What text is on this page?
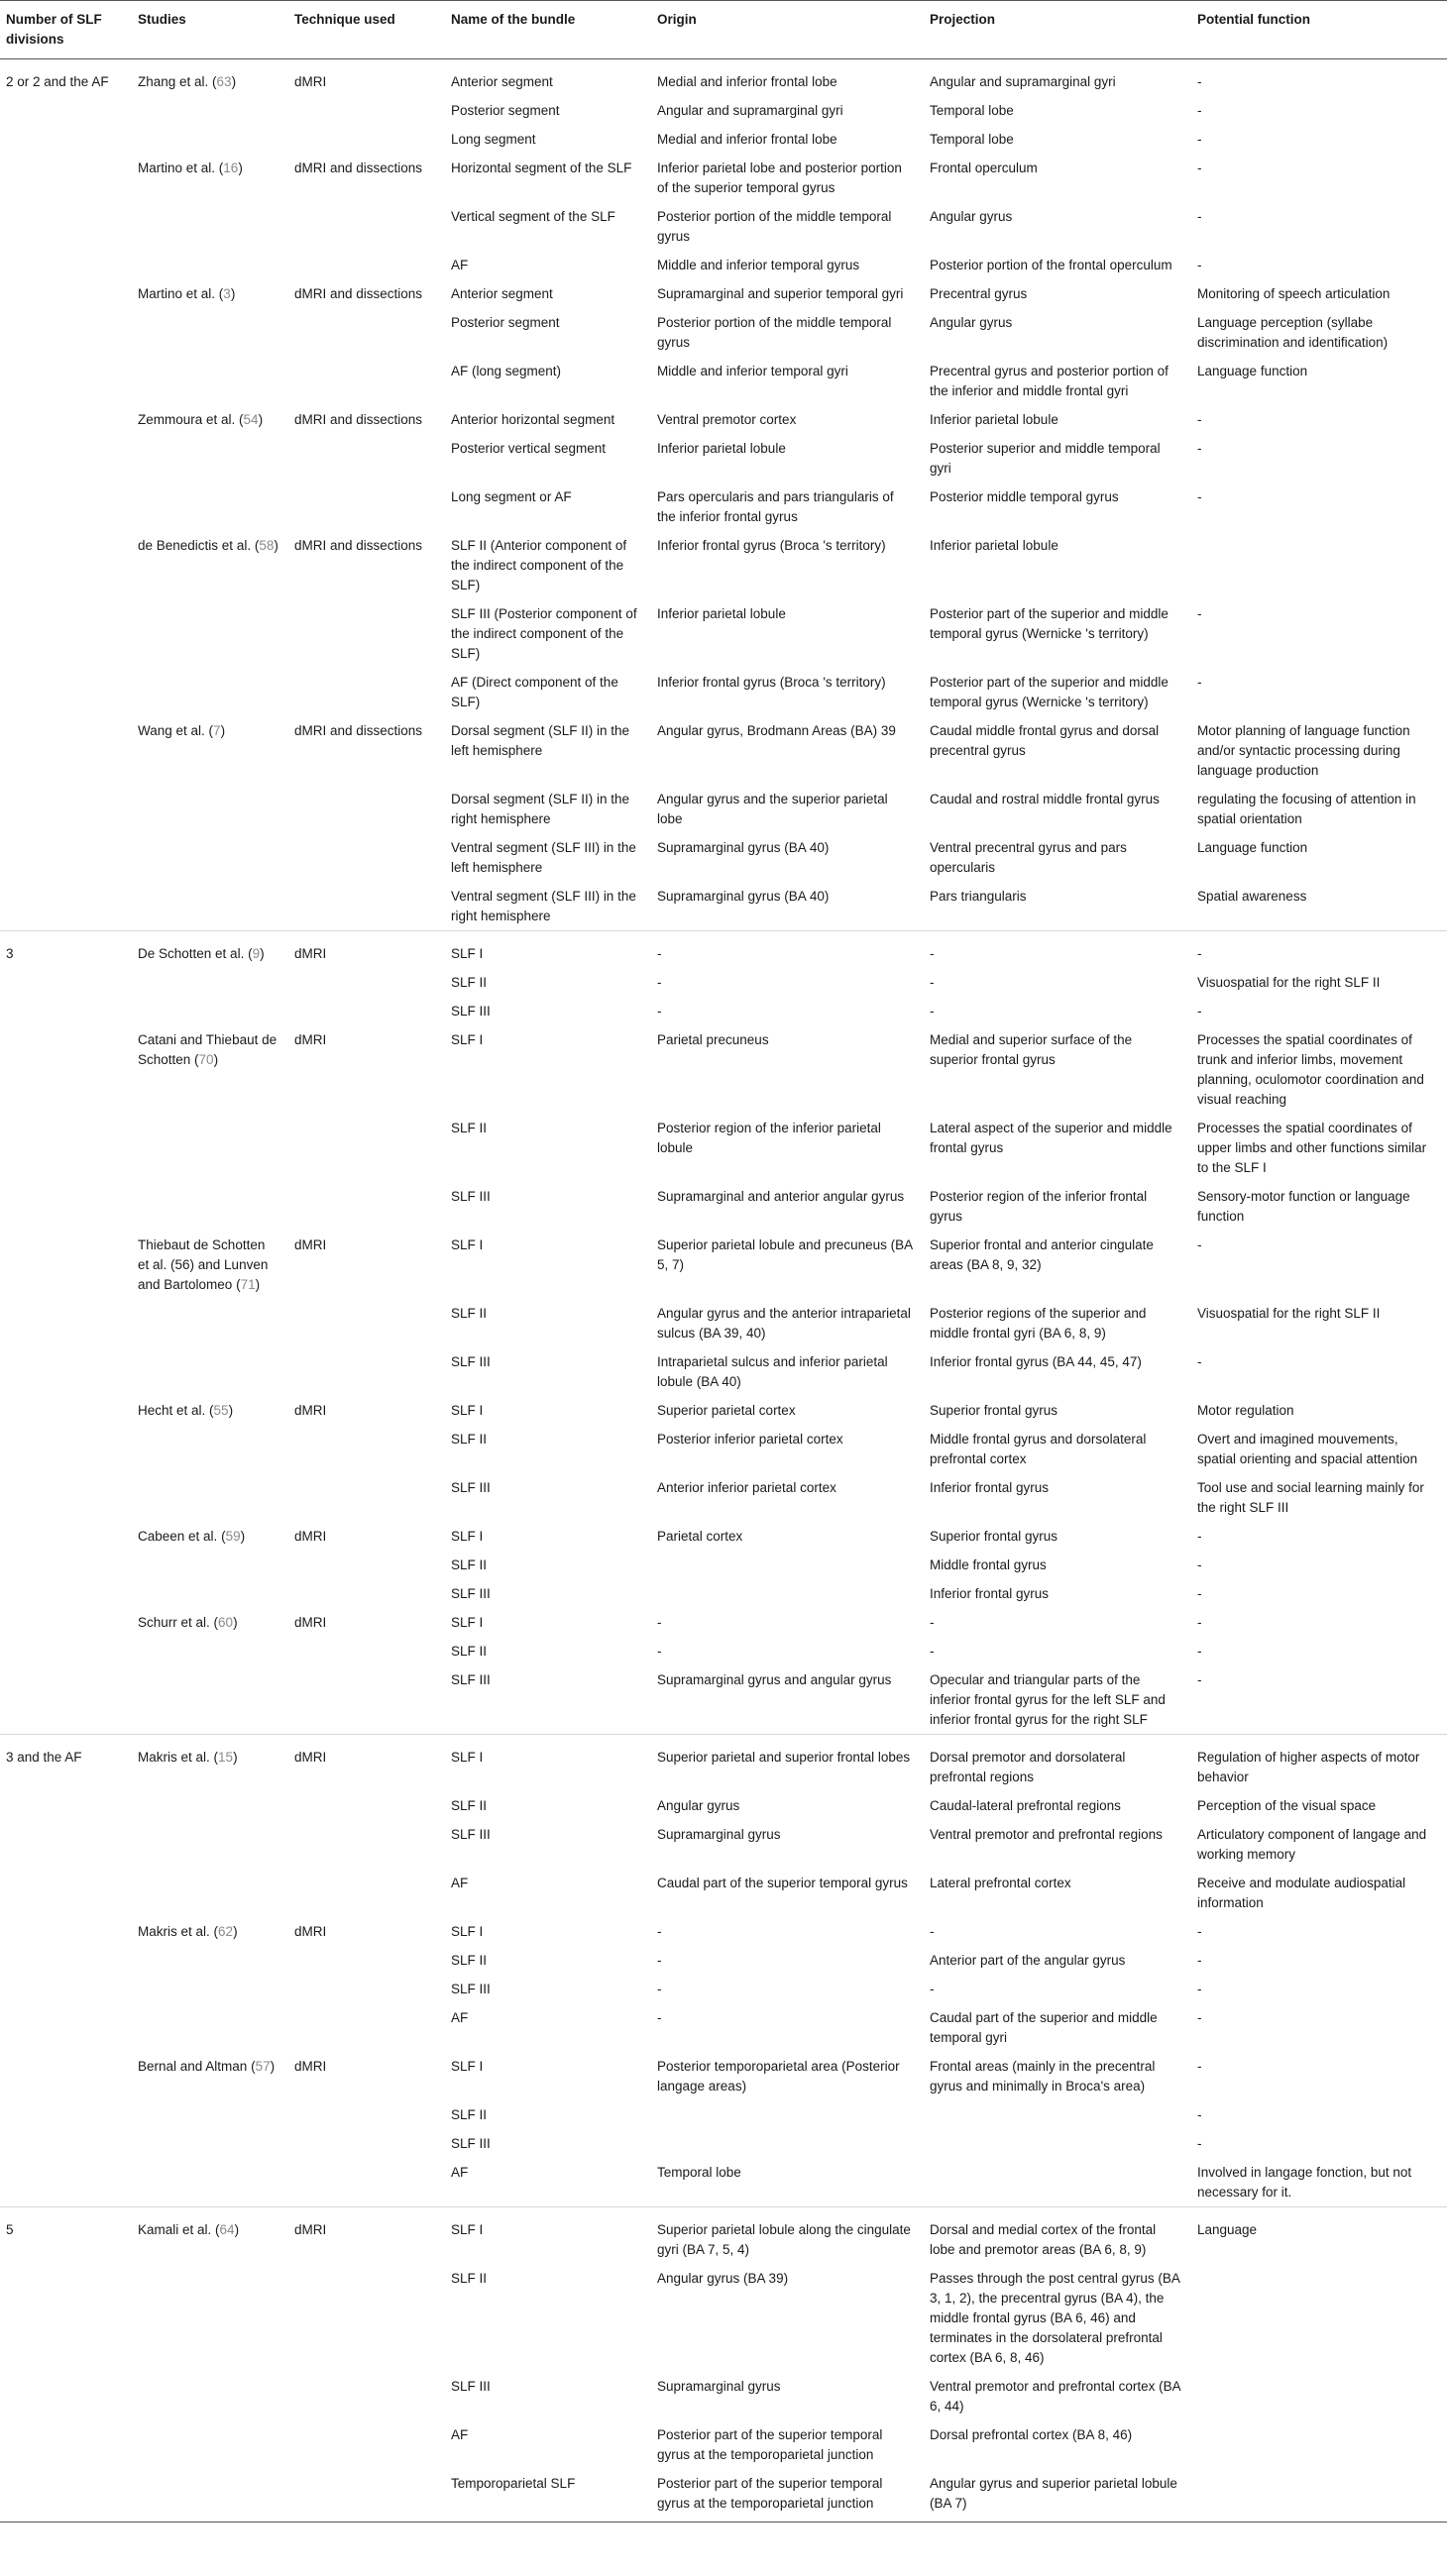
Number of SLF divisions	Studies	Technique used	Name of the bundle	Origin	Projection	Potential function
2 or 2 and the AF	Zhang et al. (63)	dMRI	Anterior segment	Medial and inferior frontal lobe	Angular and supramarginal gyri	-
			Posterior segment	Angular and supramarginal gyri	Temporal lobe	-
			Long segment	Medial and inferior frontal lobe	Temporal lobe	-
	Martino et al. (16)	dMRI and dissections	Horizontal segment of the SLF	Inferior parietal lobe and posterior portion of the superior temporal gyrus	Frontal operculum	-
			Vertical segment of the SLF	Posterior portion of the middle temporal gyrus	Angular gyrus	-
			AF	Middle and inferior temporal gyrus	Posterior portion of the frontal operculum	-
	Martino et al. (3)	dMRI and dissections	Anterior segment	Supramarginal and superior temporal gyri	Precentral gyrus	Monitoring of speech articulation
			Posterior segment	Posterior portion of the middle temporal gyrus	Angular gyrus	Language perception (syllabe discrimination and identification)
			AF (long segment)	Middle and inferior temporal gyri	Precentral gyrus and posterior portion of the inferior and middle frontal gyri	Language function
	Zemmoura et al. (54)	dMRI and dissections	Anterior horizontal segment	Ventral premotor cortex	Inferior parietal lobule	-
			Posterior vertical segment	Inferior parietal lobule	Posterior superior and middle temporal gyri	-
			Long segment or AF	Pars opercularis and pars triangularis of the inferior frontal gyrus	Posterior middle temporal gyrus	-
	de Benedictis et al. (58)	dMRI and dissections	SLF II (Anterior component of the indirect component of the SLF)	Inferior frontal gyrus (Broca 's territory)	Inferior parietal lobule	
			SLF III (Posterior component of the indirect component of the SLF)	Inferior parietal lobule	Posterior part of the superior and middle temporal gyrus (Wernicke 's territory)	-
			AF (Direct component of the SLF)	Inferior frontal gyrus (Broca 's territory)	Posterior part of the superior and middle temporal gyrus (Wernicke 's territory)	-
	Wang et al. (7)	dMRI and dissections	Dorsal segment (SLF II) in the left hemisphere	Angular gyrus, Brodmann Areas (BA) 39	Caudal middle frontal gyrus and dorsal precentral gyrus	Motor planning of language function and/or syntactic processing during language production
			Dorsal segment (SLF II) in the right hemisphere	Angular gyrus and the superior parietal lobe	Caudal and rostral middle frontal gyrus	regulating the focusing of attention in spatial orientation
			Ventral segment (SLF III) in the left hemisphere	Supramarginal gyrus (BA 40)	Ventral precentral gyrus and pars opercularis	Language function
			Ventral segment (SLF III) in the right hemisphere	Supramarginal gyrus (BA 40)	Pars triangularis	Spatial awareness
3	De Schotten et al. (9)	dMRI	SLF I	-	-	-
			SLF II	-	-	Visuospatial for the right SLF II
			SLF III	-	-	-
	Catani and Thiebaut de Schotten (70)	dMRI	SLF I	Parietal precuneus	Medial and superior surface of the superior frontal gyrus	Processes the spatial coordinates of trunk and inferior limbs, movement planning, oculomotor coordination and visual reaching
			SLF II	Posterior region of the inferior parietal lobule	Lateral aspect of the superior and middle frontal gyrus	Processes the spatial coordinates of upper limbs and other functions similar to the SLF I
			SLF III	Supramarginal and anterior angular gyrus	Posterior region of the inferior frontal gyrus	Sensory-motor function or language function
	Thiebaut de Schotten et al. (56) and Lunven and Bartolomeo (71)	dMRI	SLF I	Superior parietal lobule and precuneus (BA 5, 7)	Superior frontal and anterior cingulate areas (BA 8, 9, 32)	-
			SLF II	Angular gyrus and the anterior intraparietal sulcus (BA 39, 40)	Posterior regions of the superior and middle frontal gyri (BA 6, 8, 9)	Visuospatial for the right SLF II
			SLF III	Intraparietal sulcus and inferior parietal lobule (BA 40)	Inferior frontal gyrus (BA 44, 45, 47)	-
	Hecht et al. (55)	dMRI	SLF I	Superior parietal cortex	Superior frontal gyrus	Motor regulation
			SLF II	Posterior inferior parietal cortex	Middle frontal gyrus and dorsolateral prefrontal cortex	Overt and imagined mouvements, spatial orienting and spacial attention
			SLF III	Anterior inferior parietal cortex	Inferior frontal gyrus	Tool use and social learning mainly for the right SLF III
	Cabeen et al. (59)	dMRI	SLF I	Parietal cortex	Superior frontal gyrus	-
			SLF II		Middle frontal gyrus	-
			SLF III		Inferior frontal gyrus	-
	Schurr et al. (60)	dMRI	SLF I	-	-	-
			SLF II	-	-	-
			SLF III	Supramarginal gyrus and angular gyrus	Opecular and triangular parts of the inferior frontal gyrus for the left SLF and inferior frontal gyrus for the right SLF	-
3 and the AF	Makris et al. (15)	dMRI	SLF I	Superior parietal and superior frontal lobes	Dorsal premotor and dorsolateral prefrontal regions	Regulation of higher aspects of motor behavior
			SLF II	Angular gyrus	Caudal-lateral prefrontal regions	Perception of the visual space
			SLF III	Supramarginal gyrus	Ventral premotor and prefrontal regions	Articulatory component of langage and working memory
			AF	Caudal part of the superior temporal gyrus	Lateral prefrontal cortex	Receive and modulate audiospatial information
	Makris et al. (62)	dMRI	SLF I	-	-	-
			SLF II	-	Anterior part of the angular gyrus	-
			SLF III	-	-	-
			AF	-	Caudal part of the superior and middle temporal gyri	-
	Bernal and Altman (57)	dMRI	SLF I	Posterior temporoparietal area (Posterior langage areas)	Frontal areas (mainly in the precentral gyrus and minimally in Broca's area)	-
			SLF II			-
			SLF III			-
			AF	Temporal lobe		Involved in langage fonction, but not necessary for it.
5	Kamali et al. (64)	dMRI	SLF I	Superior parietal lobule along the cingulate gyri (BA 7, 5, 4)	Dorsal and medial cortex of the frontal lobe and premotor areas (BA 6, 8, 9)	Language
			SLF II	Angular gyrus (BA 39)	Passes through the post central gyrus (BA 3, 1, 2), the precentral gyrus (BA 4), the middle frontal gyrus (BA 6, 46) and terminates in the dorsolateral prefrontal cortex (BA 6, 8, 46)	
			SLF III	Supramarginal gyrus	Ventral premotor and prefrontal cortex (BA 6, 44)	
			AF	Posterior part of the superior temporal gyrus at the temporoparietal junction	Dorsal prefrontal cortex (BA 8, 46)	
			Temporoparietal SLF	Posterior part of the superior temporal gyrus at the temporoparietal junction	Angular gyrus and superior parietal lobule (BA 7)	
